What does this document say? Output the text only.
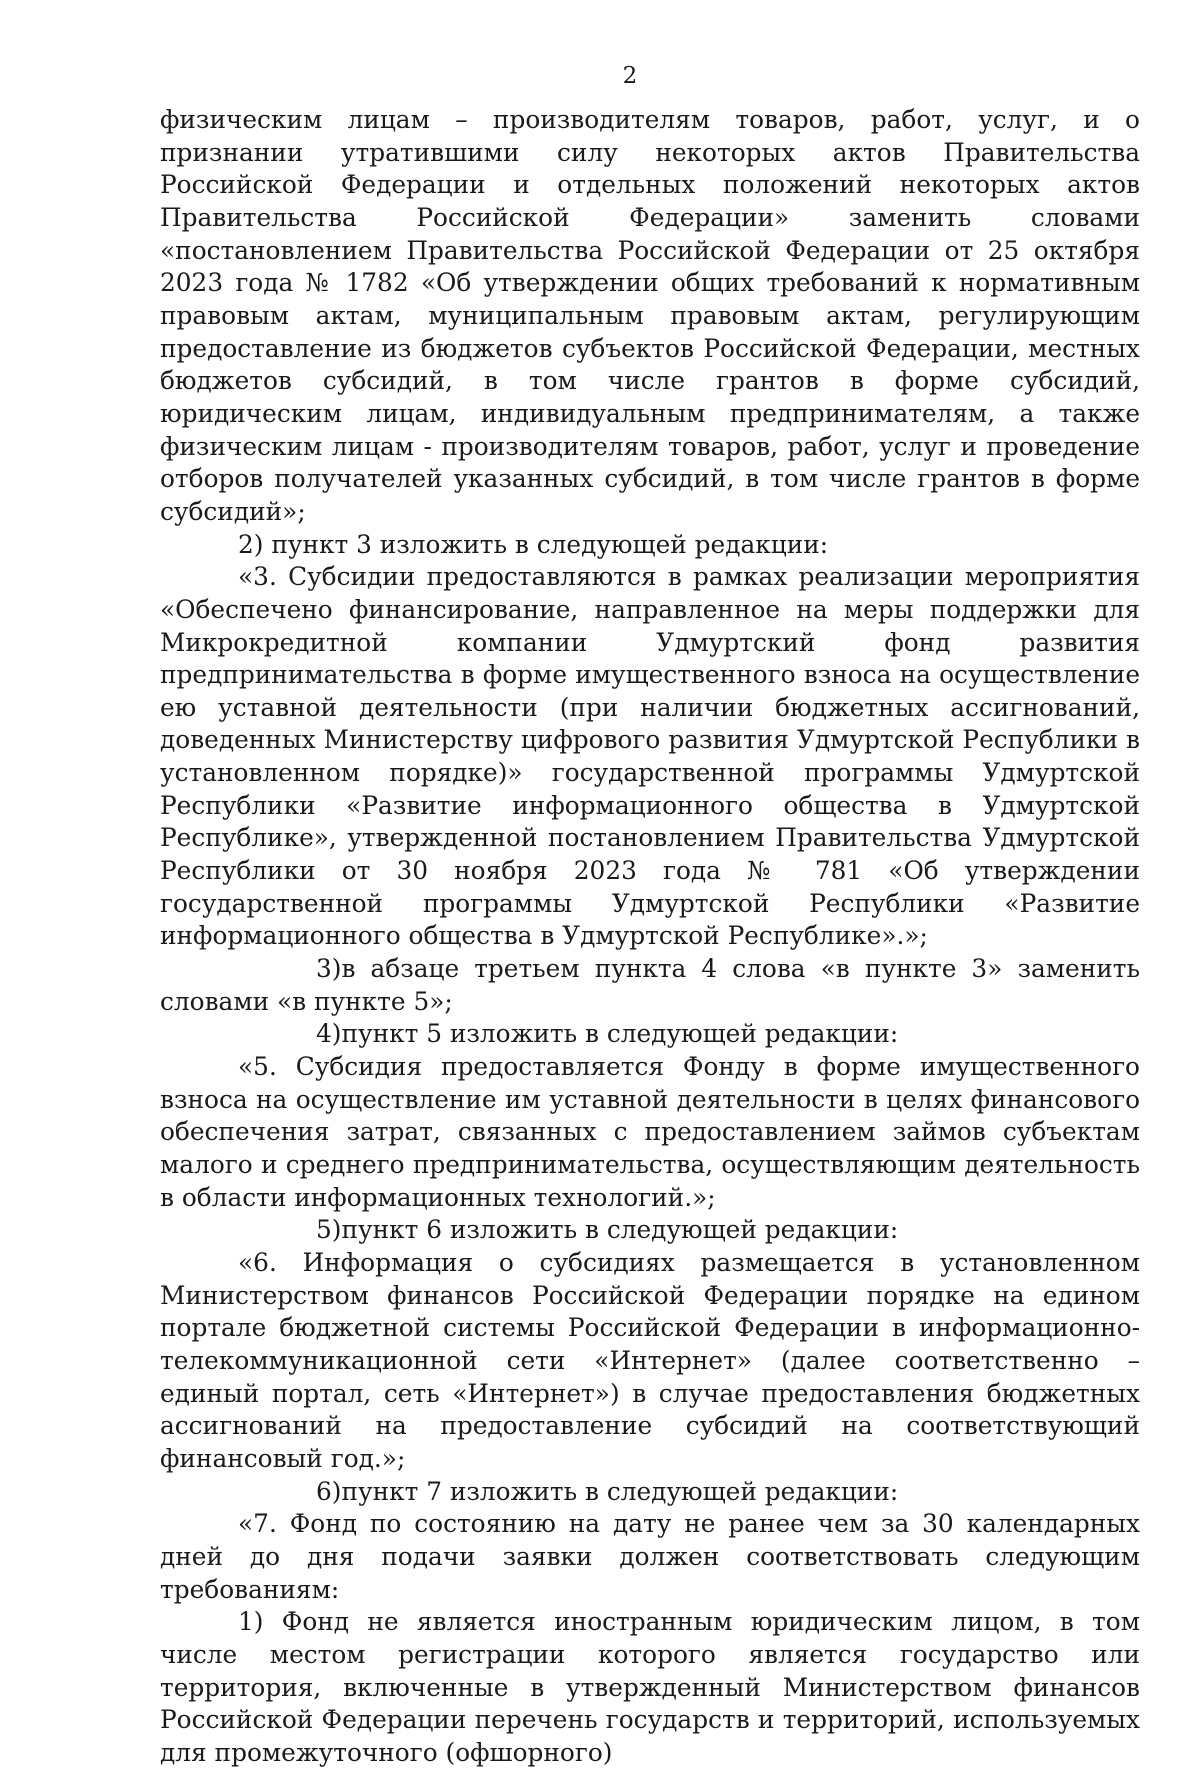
2

физическим лицам – производителям товаров, работ, услуг, и о признании утратившими силу некоторых актов Правительства Российской Федерации и отдельных положений некоторых актов Правительства Российской Федерации» заменить словами «постановлением Правительства Российской Федерации от 25 октября 2023 года № 1782 «Об утверждении общих требований к нормативным правовым актам, муниципальным правовым актам, регулирующим предоставление из бюджетов субъектов Российской Федерации, местных бюджетов субсидий, в том числе грантов в форме субсидий, юридическим лицам, индивидуальным предпринимателям, а также физическим лицам - производителям товаров, работ, услуг и проведение отборов получателей указанных субсидий, в том числе грантов в форме субсидий»;

2) пункт 3 изложить в следующей редакции:

«3. Субсидии предоставляются в рамках реализации мероприятия «Обеспечено финансирование, направленное на меры поддержки для Микрокредитной компании Удмуртский фонд развития предпринимательства в форме имущественного взноса на осуществление ею уставной деятельности (при наличии бюджетных ассигнований, доведенных Министерству цифрового развития Удмуртской Республики в установленном порядке)» государственной программы Удмуртской Республики «Развитие информационного общества в Удмуртской Республике», утвержденной постановлением Правительства Удмуртской Республики от 30 ноября 2023 года № 781 «Об утверждении государственной программы Удмуртской Республики «Развитие информационного общества в Удмуртской Республике».»;

3)в абзаце третьем пункта 4 слова «в пункте 3» заменить словами «в пункте 5»;

4)пункт 5 изложить в следующей редакции:

«5. Субсидия предоставляется Фонду в форме имущественного взноса на осуществление им уставной деятельности в целях финансового обеспечения затрат, связанных с предоставлением займов субъектам малого и среднего предпринимательства, осуществляющим деятельность в области информационных технологий.»;

5)пункт 6 изложить в следующей редакции:

«6. Информация о субсидиях размещается в установленном Министерством финансов Российской Федерации порядке на едином портале бюджетной системы Российской Федерации в информационно-телекоммуникационной сети «Интернет» (далее соответственно – единый портал, сеть «Интернет») в случае предоставления бюджетных ассигнований на предоставление субсидий на соответствующий финансовый год.»;

6)пункт 7 изложить в следующей редакции:

«7. Фонд по состоянию на дату не ранее чем за 30 календарных дней до дня подачи заявки должен соответствовать следующим требованиям:

1) Фонд не является иностранным юридическим лицом, в том числе местом регистрации которого является государство или территория, включенные в утвержденный Министерством финансов Российской Федерации перечень государств и территорий, используемых для промежуточного (офшорного)
